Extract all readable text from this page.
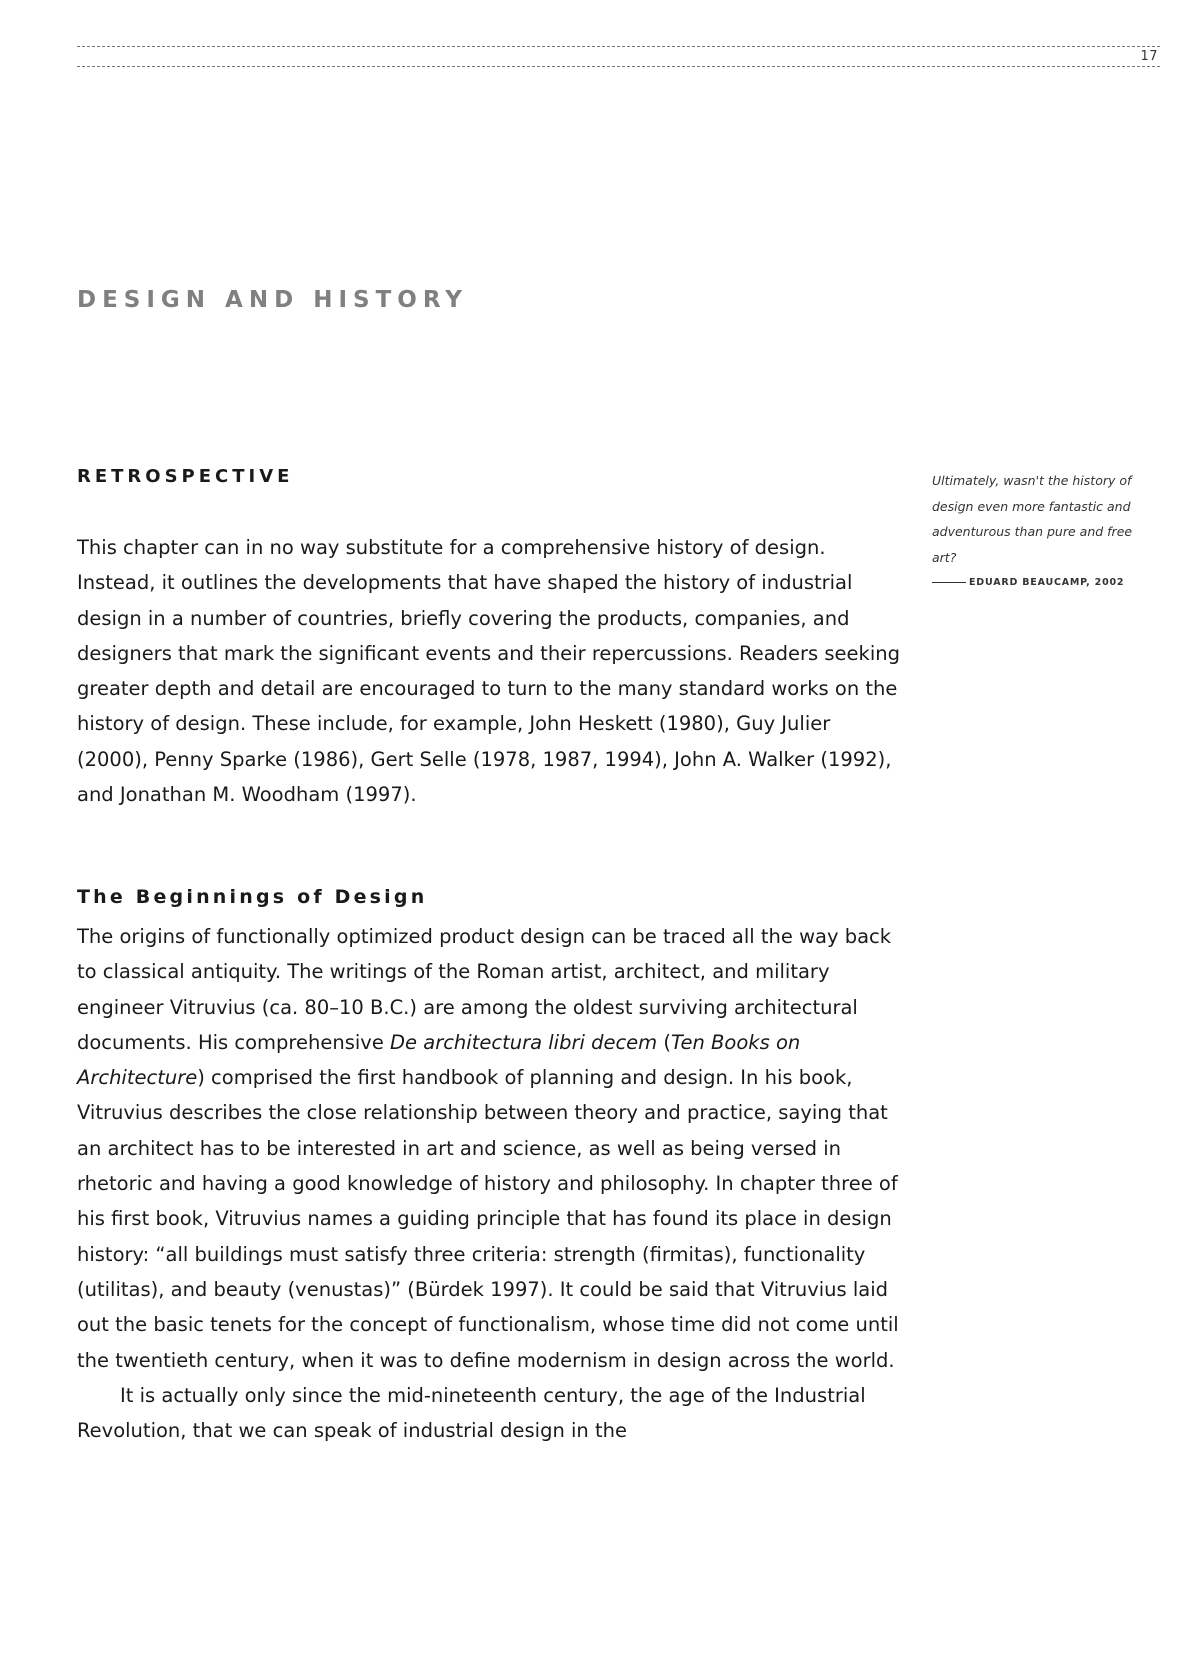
17
DESIGN AND HISTORY
RETROSPECTIVE	Ultimately, wasn't the history of design even more fantastic and adventurous than pure and free art?

EDUARD BEAUCAMP, 2002

This chapter can in no way substitute for a comprehensive history of design. Instead, it outlines the developments that have shaped the history of industrial design in a number of countries, briefly covering the products, companies, and designers that mark the significant events and their repercussions. Readers seeking greater depth and detail are encouraged to turn to the many standard works on the history of design. These include, for example, John Heskett (1980), Guy Julier (2000), Penny Sparke (1986), Gert Selle (1978, 1987, 1994), John A. Walker (1992), and Jonathan M. Woodham (1997).

The Beginnings of Design

The origins of functionally optimized product design can be traced all the way back to classical antiquity. The writings of the Roman artist, architect, and military engineer Vitruvius (ca. 80–10 B.C.) are among the oldest surviving architectural documents. His comprehensive De architectura libri decem (Ten Books on Architecture) comprised the first handbook of planning and design. In his book, Vitruvius describes the close relationship between theory and practice, saying that an architect has to be interested in art and science, as well as being versed in rhetoric and having a good knowledge of history and philosophy. In chapter three of his first book, Vitruvius names a guiding principle that has found its place in design history: “all buildings must satisfy three criteria: strength (firmitas), functionality (utilitas), and beauty (venustas)” (Bürdek 1997). It could be said that Vitruvius laid out the basic tenets for the concept of functionalism, whose time did not come until the twentieth century, when it was to define modernism in design across the world.

It is actually only since the mid-nineteenth century, the age of the Industrial Revolution, that we can speak of industrial design in the
